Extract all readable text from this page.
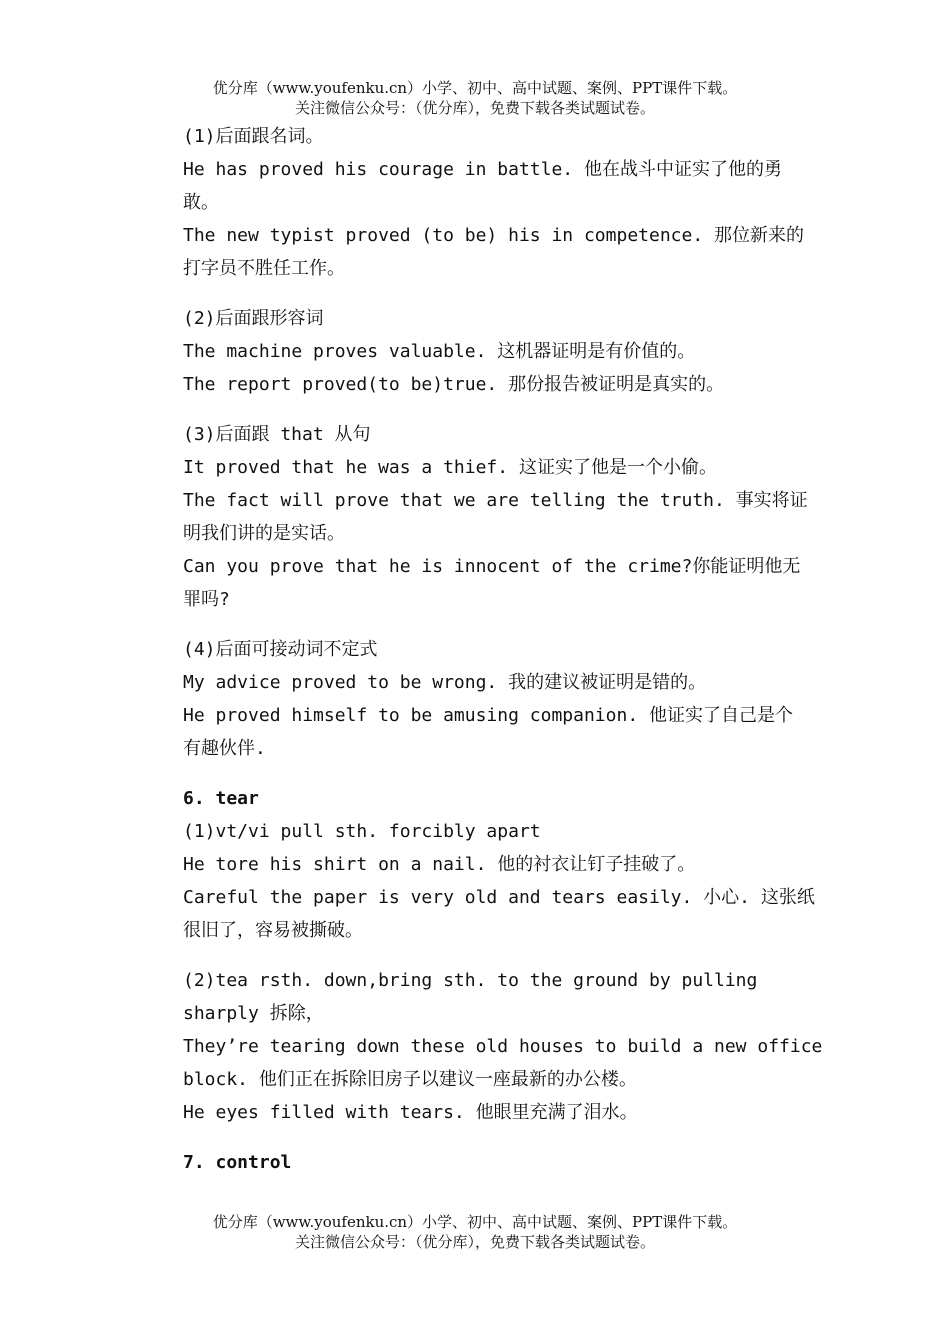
优分库（www.youfenku.cn）小学、初中、高中试题、案例、PPT课件下载。
关注微信公众号：（优分库），免费下载各类试题试卷。
(1)后面跟名词。
He has proved his courage in battle. 他在战斗中证实了他的勇
敢。
The new typist proved (to be) his in competence. 那位新来的
打字员不胜任工作。
(2)后面跟形容词
The machine proves valuable. 这机器证明是有价值的。
The report proved(to be)true. 那份报告被证明是真实的。
(3)后面跟 that 从句
It proved that he was a thief. 这证实了他是一个小偷。
The fact will prove that we are telling the truth. 事实将证
明我们讲的是实话。
Can you prove that he is innocent of the crime?你能证明他无
罪吗?
(4)后面可接动词不定式
My advice proved to be wrong. 我的建议被证明是错的。
He proved himself to be amusing companion. 他证实了自己是个
有趣伙伴.
6. tear
(1)vt/vi pull sth. forcibly apart
He tore his shirt on a nail. 他的衬衣让钉子挂破了。
Careful the paper is very old and tears easily. 小心. 这张纸
很旧了，容易被撕破。
(2)tea rsth. down,bring sth. to the ground by pulling
sharply 拆除，
They’re tearing down these old houses to build a new office
block. 他们正在拆除旧房子以建议一座最新的办公楼。
He eyes filled with tears. 他眼里充满了泪水。
7. control
优分库（www.youfenku.cn）小学、初中、高中试题、案例、PPT课件下载。
关注微信公众号：（优分库），免费下载各类试题试卷。
